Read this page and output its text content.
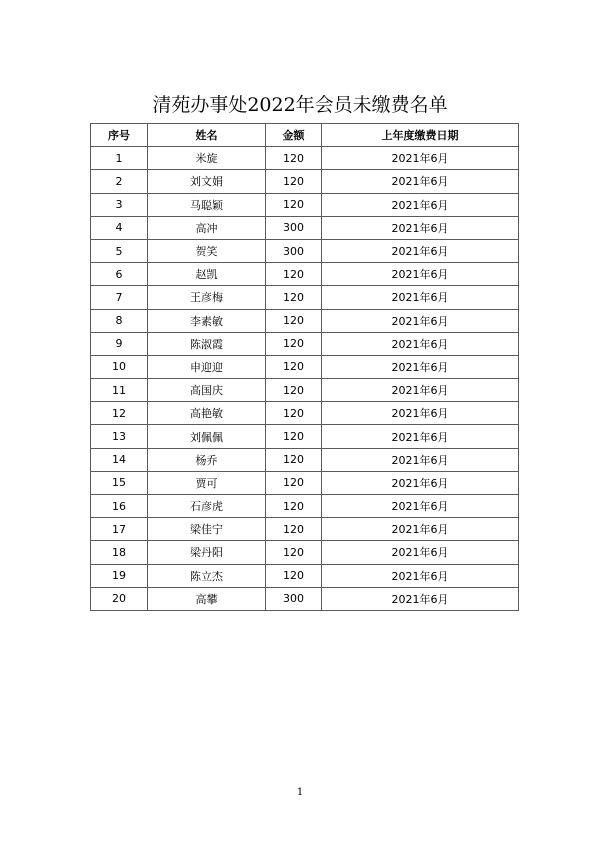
清苑办事处2022年会员未缴费名单
序号	姓名	金额	上年度缴费日期
1	米旋	120	2021年6月
2	刘文娟	120	2021年6月
3	马聪颖	120	2021年6月
4	高冲	300	2021年6月
5	贺笑	300	2021年6月
6	赵凯	120	2021年6月
7	王彦梅	120	2021年6月
8	李素敏	120	2021年6月
9	陈淑霞	120	2021年6月
10	申迎迎	120	2021年6月
11	高国庆	120	2021年6月
12	高艳敏	120	2021年6月
13	刘佩佩	120	2021年6月
14	杨乔	120	2021年6月
15	贾可	120	2021年6月
16	石彦虎	120	2021年6月
17	梁佳宁	120	2021年6月
18	梁丹阳	120	2021年6月
19	陈立杰	120	2021年6月
20	高攀	300	2021年6月
1
